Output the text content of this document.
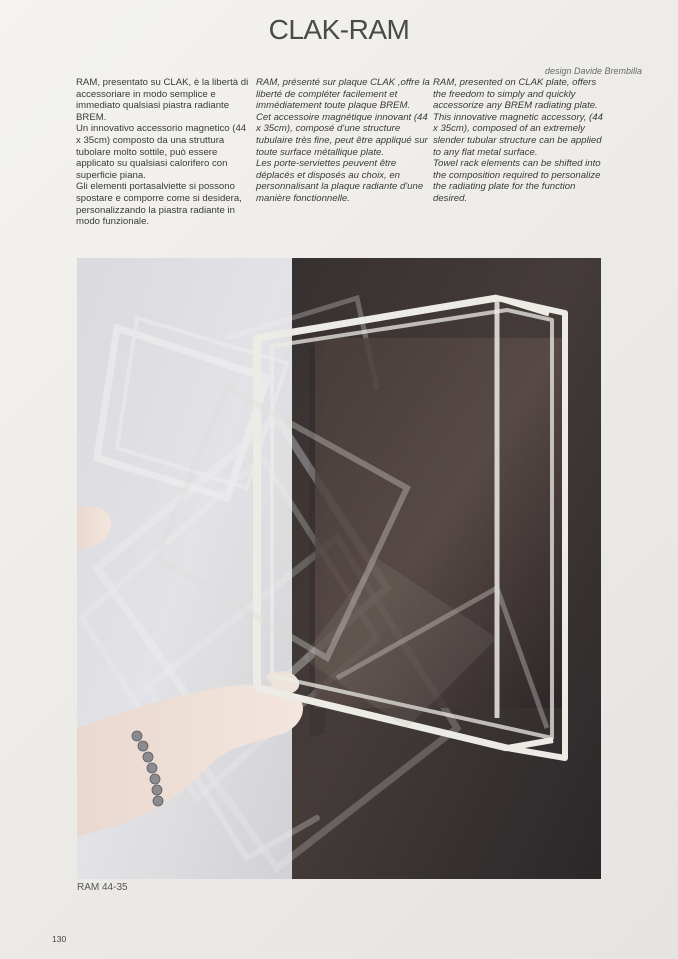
CLAK-RAM
design Davide Brembilla

RAM, presentato su CLAK, è la libertà di accessoriare in modo semplice e immediato qualsiasi piastra radiante BREM.

Un innovativo accessorio magnetico (44 x 35cm) composto da una struttura tubolare molto sottile, può essere applicato su qualsiasi calorifero con superficie piana.

Gli elementi portasalviette si possono spostare e comporre come si desidera, personalizzando la piastra radiante in modo funzionale.

RAM, présenté sur plaque CLAK ,offre la liberté de compléter facilement et immédiatement toute plaque BREM.

Cet accessoire magnétique innovant (44 x 35cm), composé d'une structure tubulaire très fine, peut être appliqué sur toute surface métallique plate.

Les porte-serviettes peuvent être déplacés et disposés au choix, en personnalisant la plaque radiante d'une manière fonctionnelle.

RAM, presented on CLAK plate, offers the freedom to simply and quickly accessorize any BREM radiating plate.

This innovative magnetic accessory, (44 x 35cm), composed of an extremely slender tubular structure can be applied to any flat metal surface.

Towel rack elements can be shifted into the composition required to personalize the radiating plate for the function desired.

RAM 44-35
130
